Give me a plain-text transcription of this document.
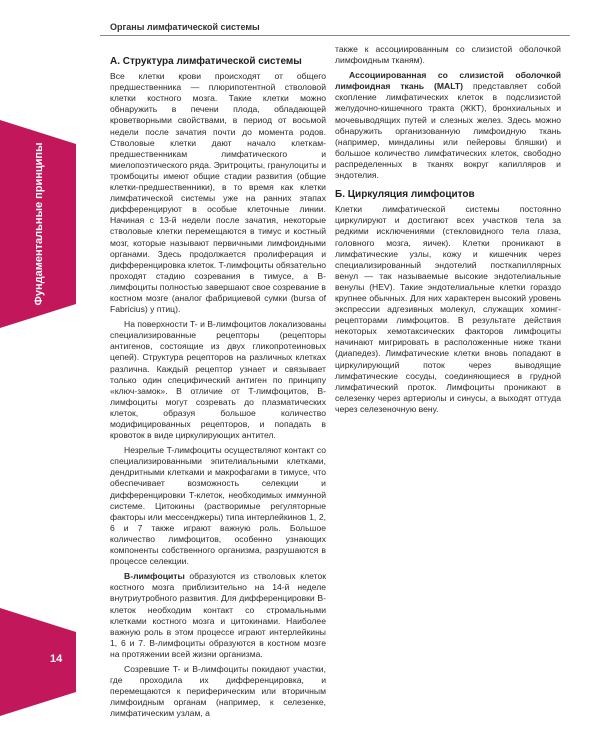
Органы лимфатической системы
Фундаментальные принципы
14
А. Структура лимфатической системы

Все клетки крови происходят от общего предшественника — плюрипотентной стволовой клетки костного мозга. Такие клетки можно обнаружить в печени плода, обладающей кроветворными свойствами, в период от восьмой недели после зачатия почти до момента родов. Стволовые клетки дают начало клеткам-предшественникам лимфатического и миелопоэтического ряда. Эритроциты, гранулоциты и тромбоциты имеют общие стадии развития (общие клетки-предшественники), в то время как клетки лимфатической системы уже на ранних этапах дифференцируют в особые клеточные линии. Начиная с 13-й недели после зачатия, некоторые стволовые клетки перемещаются в тимус и костный мозг, которые называют первичными лимфоидными органами. Здесь продолжается пролиферация и дифференцировка клеток. T-лимфоциты обязательно проходят стадию созревания в тимусе, а B-лимфоциты полностью завершают свое созревание в костном мозге (аналог фабрициевой сумки (bursa of Fabricius) у птиц).

На поверхности T- и B-лимфоцитов локализованы специализированные рецепторы (рецепторы антигенов, состоящие из двух гликопротеиновых цепей). Структура рецепторов на различных клетках различна. Каждый рецептор узнает и связывает только один специфический антиген по принципу «ключ-замок». В отличие от T-лимфоцитов, B-лимфоциты могут созревать до плазматических клеток, образуя большое количество модифицированных рецепторов, и попадать в кровоток в виде циркулирующих антител.

Незрелые T-лимфоциты осуществляют контакт со специализированными эпителиальными клетками, дендритными клетками и макрофагами в тимусе, что обеспечивает возможность селекции и дифференцировки T-клеток, необходимых иммунной системе. Цитокины (растворимые регуляторные факторы или мессенджеры) типа интерлейкинов 1, 2, 6 и 7 также играют важную роль. Большое количество лимфоцитов, особенно узнающих компоненты собственного организма, разрушаются в процессе селекции.

B-лимфоциты образуются из стволовых клеток костного мозга приблизительно на 14-й неделе внутриутробного развития. Для дифференцировки B-клеток необходим контакт со стромальными клетками костного мозга и цитокинами. Наиболее важную роль в этом процессе играют интерлейкины 1, 6 и 7. B-лимфоциты образуются в костном мозге на протяжении всей жизни организма.

Созревшие T- и B-лимфоциты покидают участки, где проходила их дифференцировка, и перемещаются к периферическим или вторичным лимфоидным органам (например, к селезенке, лимфатическим узлам, а

также к ассоциированным со слизистой оболочкой лимфоидным тканям).

Ассоциированная со слизистой оболочкой лимфоидная ткань (MALT) представляет собой скопление лимфатических клеток в подслизистой желудочно-кишечного тракта (ЖКТ), бронхиальных и мочевыводящих путей и слезных желез. Здесь можно обнаружить организованную лимфоидную ткань (например, миндалины или пейеровы бляшки) и большое количество лимфатических клеток, свободно распределенных в тканях вокруг капилляров и эндотелия.

Б. Циркуляция лимфоцитов

Клетки лимфатической системы постоянно циркулируют и достигают всех участков тела за редкими исключениями (стекловидного тела глаза, головного мозга, яичек). Клетки проникают в лимфатические узлы, кожу и кишечник через специализированный эндотелий посткапиллярных венул — так называемые высокие эндотелиальные венулы (HEV). Такие эндотелиальные клетки гораздо крупнее обычных. Для них характерен высокий уровень экспрессии адгезивных молекул, служащих хоминг-рецепторами лимфоцитов. В результате действия некоторых хемотаксических факторов лимфоциты начинают мигрировать в расположенные ниже ткани (диапедез). Лимфатические клетки вновь попадают в циркулирующий поток через выводящие лимфатические сосуды, соединяющиеся в грудной лимфатический проток. Лимфоциты проникают в селезенку через артериолы и синусы, а выходят оттуда через селезеночную вену.
